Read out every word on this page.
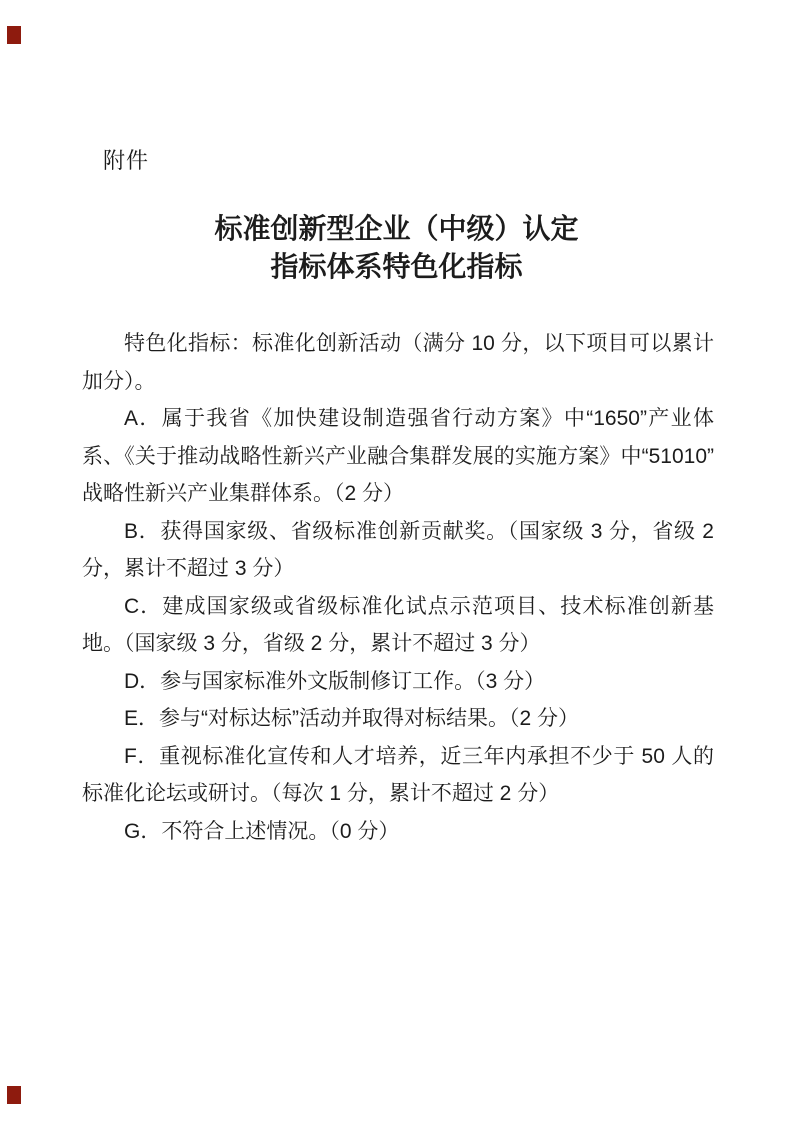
附件
标准创新型企业（中级）认定
指标体系特色化指标

特色化指标：标准化创新活动（满分 10 分，以下项目可以累计加分）。

A．属于我省《加快建设制造强省行动方案》中“1650”产业体系、《关于推动战略性新兴产业融合集群发展的实施方案》中“51010”战略性新兴产业集群体系。（2 分）

B．获得国家级、省级标准创新贡献奖。（国家级 3 分，省级 2 分，累计不超过 3 分）

C．建成国家级或省级标准化试点示范项目、技术标准创新基地。（国家级 3 分，省级 2 分，累计不超过 3 分）

D．参与国家标准外文版制修订工作。（3 分）

E．参与“对标达标”活动并取得对标结果。（2 分）

F．重视标准化宣传和人才培养，近三年内承担不少于 50 人的标准化论坛或研讨。（每次 1 分，累计不超过 2 分）

G．不符合上述情况。（0 分）
